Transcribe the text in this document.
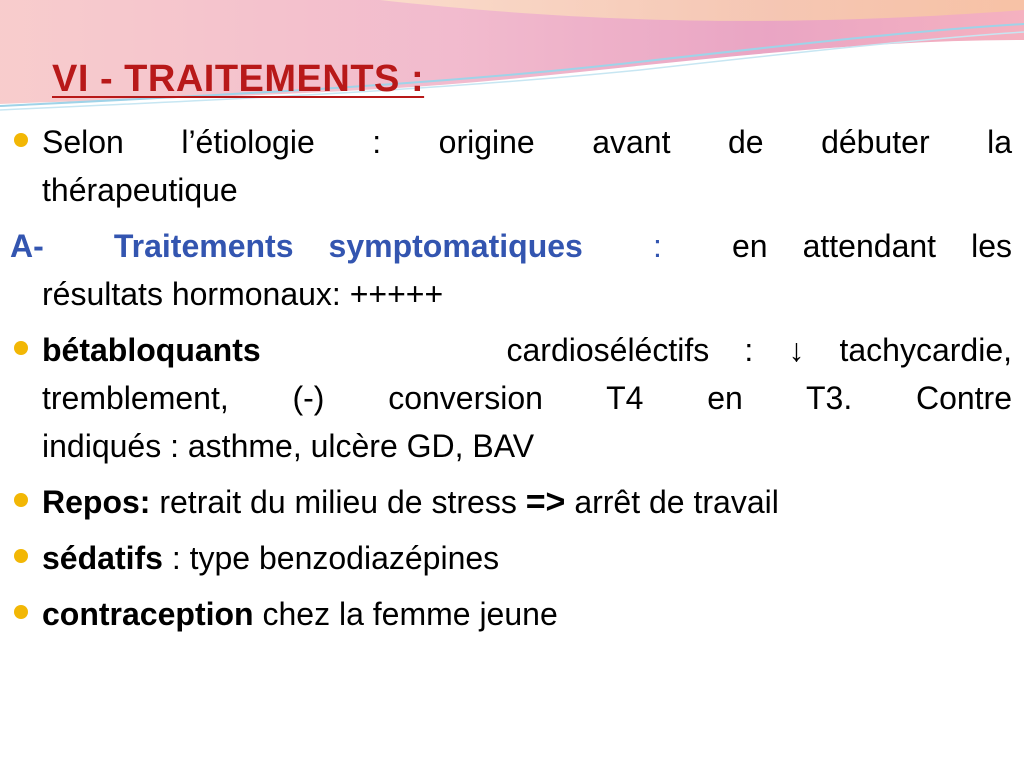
VI - TRAITEMENTS :
Selon l’étiologie : origine avant de débuter la
thérapeutique
A- Traitements symptomatiques : en attendant les
résultats hormonaux: +++++
bétabloquants	cardioséléctifs : ↓ tachycardie,
tremblement, (-) conversion T4 en T3. Contre
indiqués : asthme, ulcère GD, BAV
Repos: retrait du milieu de stress => arrêt de travail
sédatifs : type benzodiazépines
contraception chez la femme jeune
